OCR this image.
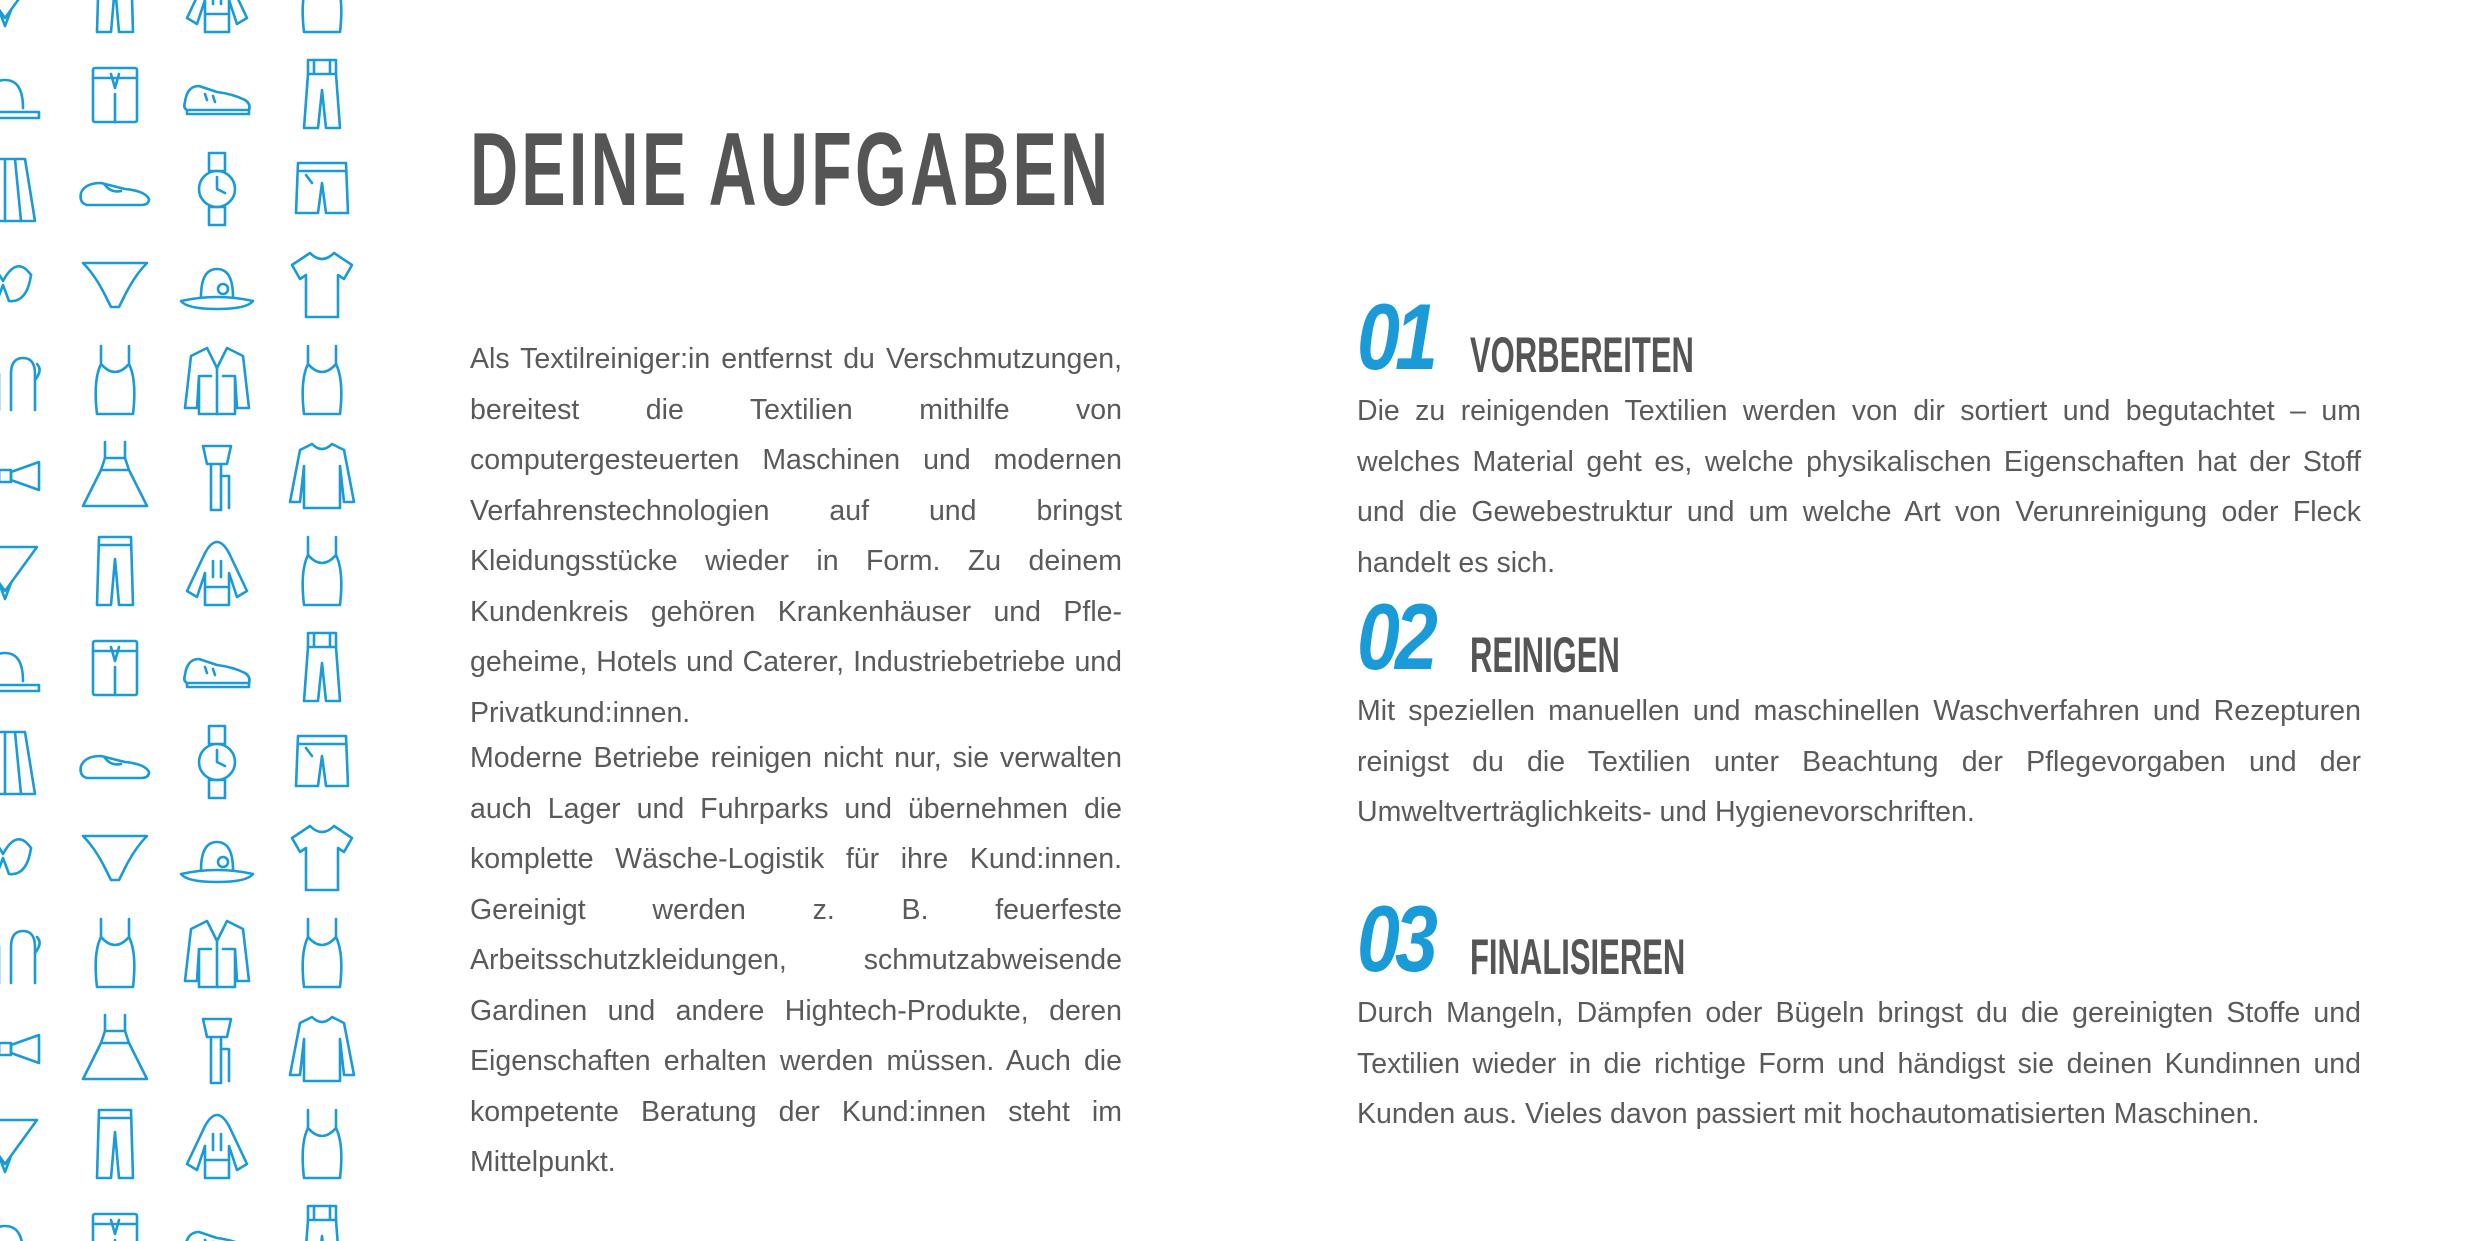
DEINE AUFGABEN

Als Textilreiniger:in entfernst du Verschmutzungen, bereitest die Textilien mithilfe von computergesteuerten Maschinen und modernen Verfahrenstechnologien auf und bringst Kleidungsstücke wieder in Form. Zu deinem Kundenkreis gehören Krankenhäuser und Pflegeheime, Hotels und Caterer, Industriebetriebe und Privatkund:innen.

Moderne Betriebe reinigen nicht nur, sie verwalten auch Lager und Fuhrparks und übernehmen die komplette Wäsche-Logistik für ihre Kund:innen. Gereinigt werden z. B. feuerfeste Arbeitsschutzkleidungen, schmutzabweisende Gardinen und andere Hightech-Produkte, deren Eigenschaften erhalten werden müssen. Auch die kompetente Beratung der Kund:innen steht im Mittelpunkt.

01 VORBEREITEN

Die zu reinigenden Textilien werden von dir sortiert und begutachtet – um welches Material geht es, welche physikalischen Eigenschaften hat der Stoff und die Gewebestruktur und um welche Art von Verunreinigung oder Fleck handelt es sich.

02 REINIGEN

Mit speziellen manuellen und maschinellen Waschverfahren und Rezepturen reinigst du die Textilien unter Beachtung der Pflegevorgaben und der Umweltverträglichkeits- und Hygienevorschriften.

03 FINALISIEREN

Durch Mangeln, Dämpfen oder Bügeln bringst du die gereinigten Stoffe und Textilien wieder in die richtige Form und händigst sie deinen Kundinnen und Kunden aus. Vieles davon passiert mit hochautomatisierten Maschinen.
